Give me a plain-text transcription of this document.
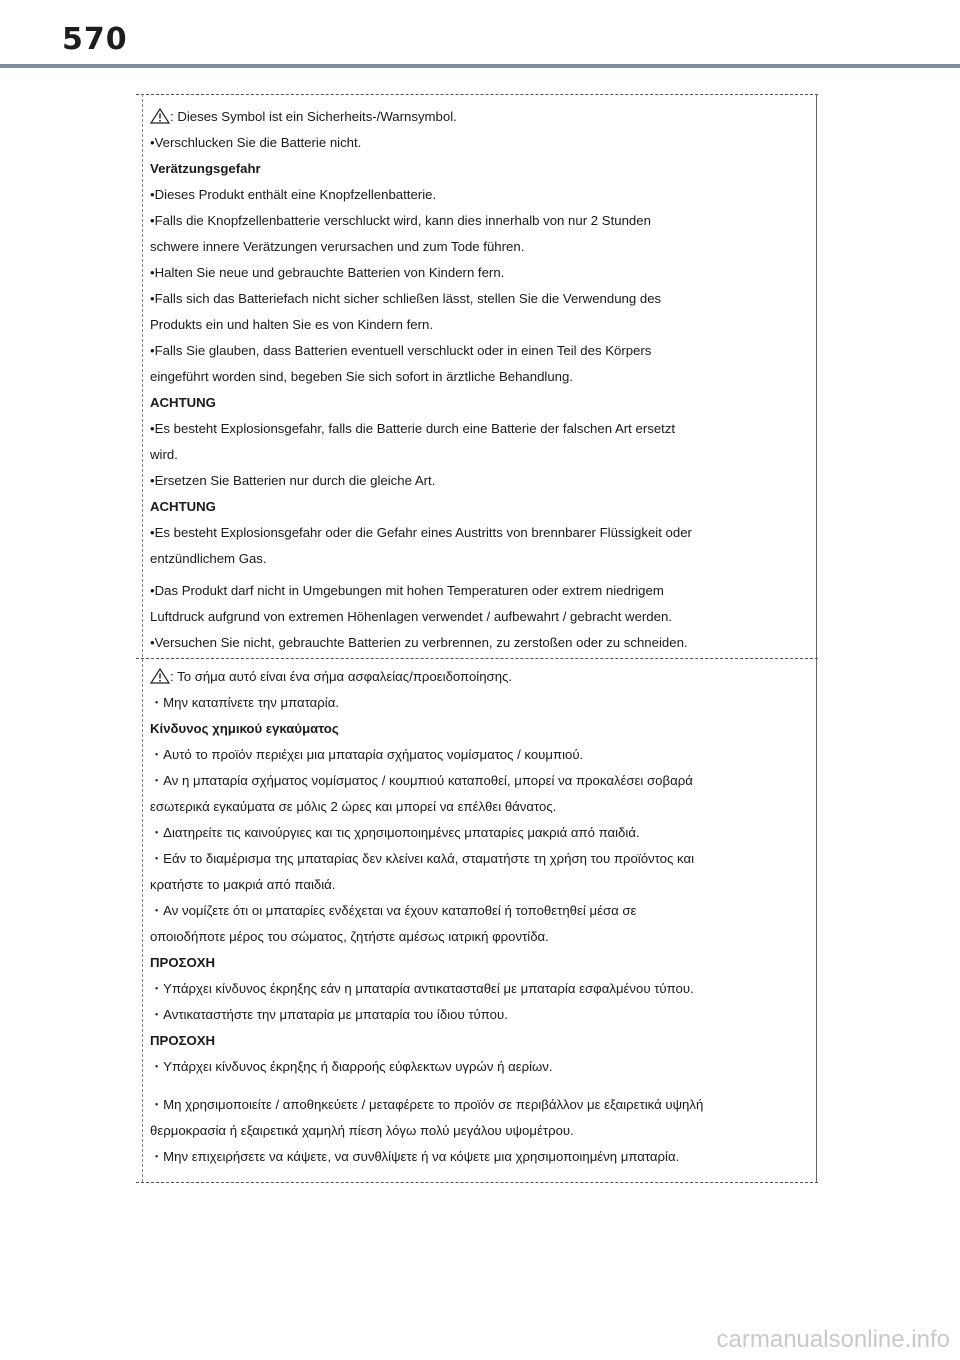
570
: Dieses Symbol ist ein Sicherheits-/Warnsymbol.
•Verschlucken Sie die Batterie nicht.
Verätzungsgefahr
•Dieses Produkt enthält eine Knopfzellenbatterie.
•Falls die Knopfzellenbatterie verschluckt wird, kann dies innerhalb von nur 2 Stunden
schwere innere Verätzungen verursachen und zum Tode führen.
•Halten Sie neue und gebrauchte Batterien von Kindern fern.
•Falls sich das Batteriefach nicht sicher schließen lässt, stellen Sie die Verwendung des
Produkts ein und halten Sie es von Kindern fern.
•Falls Sie glauben, dass Batterien eventuell verschluckt oder in einen Teil des Körpers
eingeführt worden sind, begeben Sie sich sofort in ärztliche Behandlung.
ACHTUNG
•Es besteht Explosionsgefahr, falls die Batterie durch eine Batterie der falschen Art ersetzt
wird.
•Ersetzen Sie Batterien nur durch die gleiche Art.
ACHTUNG
•Es besteht Explosionsgefahr oder die Gefahr eines Austritts von brennbarer Flüssigkeit oder
entzündlichem Gas.
•Das Produkt darf nicht in Umgebungen mit hohen Temperaturen oder extrem niedrigem
Luftdruck aufgrund von extremen Höhenlagen verwendet / aufbewahrt / gebracht werden.
•Versuchen Sie nicht, gebrauchte Batterien zu verbrennen, zu zerstoßen oder zu schneiden.
: Το σήμα αυτό είναι ένα σήμα ασφαλείας/προειδοποίησης.
・Μην καταπίνετε την μπαταρία.
Κίνδυνος χημικού εγκαύματος
・Αυτό το προϊόν περιέχει μια μπαταρία σχήματος νομίσματος / κουμπιού.
・Αν η μπαταρία σχήματος νομίσματος / κουμπιού καταποθεί, μπορεί να προκαλέσει σοβαρά
εσωτερικά εγκαύματα σε μόλις 2 ώρες και μπορεί να επέλθει θάνατος.
・Διατηρείτε τις καινούργιες και τις χρησιμοποιημένες μπαταρίες μακριά από παιδιά.
・Εάν το διαμέρισμα της μπαταρίας δεν κλείνει καλά, σταματήστε τη χρήση του προϊόντος και
κρατήστε το μακριά από παιδιά.
・Αν νομίζετε ότι οι μπαταρίες ενδέχεται να έχουν καταποθεί ή τοποθετηθεί μέσα σε
οποιοδήποτε μέρος του σώματος, ζητήστε αμέσως ιατρική φροντίδα.
ΠΡΟΣΟΧΗ
・Υπάρχει κίνδυνος έκρηξης εάν η μπαταρία αντικατασταθεί με μπαταρία εσφαλμένου τύπου.
・Αντικαταστήστε την μπαταρία με μπαταρία του ίδιου τύπου.
ΠΡΟΣΟΧΗ
・Υπάρχει κίνδυνος έκρηξης ή διαρροής εύφλεκτων υγρών ή αερίων.
・Μη χρησιμοποιείτε / αποθηκεύετε / μεταφέρετε το προϊόν σε περιβάλλον με εξαιρετικά υψηλή
θερμοκρασία ή εξαιρετικά χαμηλή πίεση λόγω πολύ μεγάλου υψομέτρου.
・Μην επιχειρήσετε να κάψετε, να συνθλίψετε ή να κόψετε μια χρησιμοποιημένη μπαταρία.
carmanualsonline.info
